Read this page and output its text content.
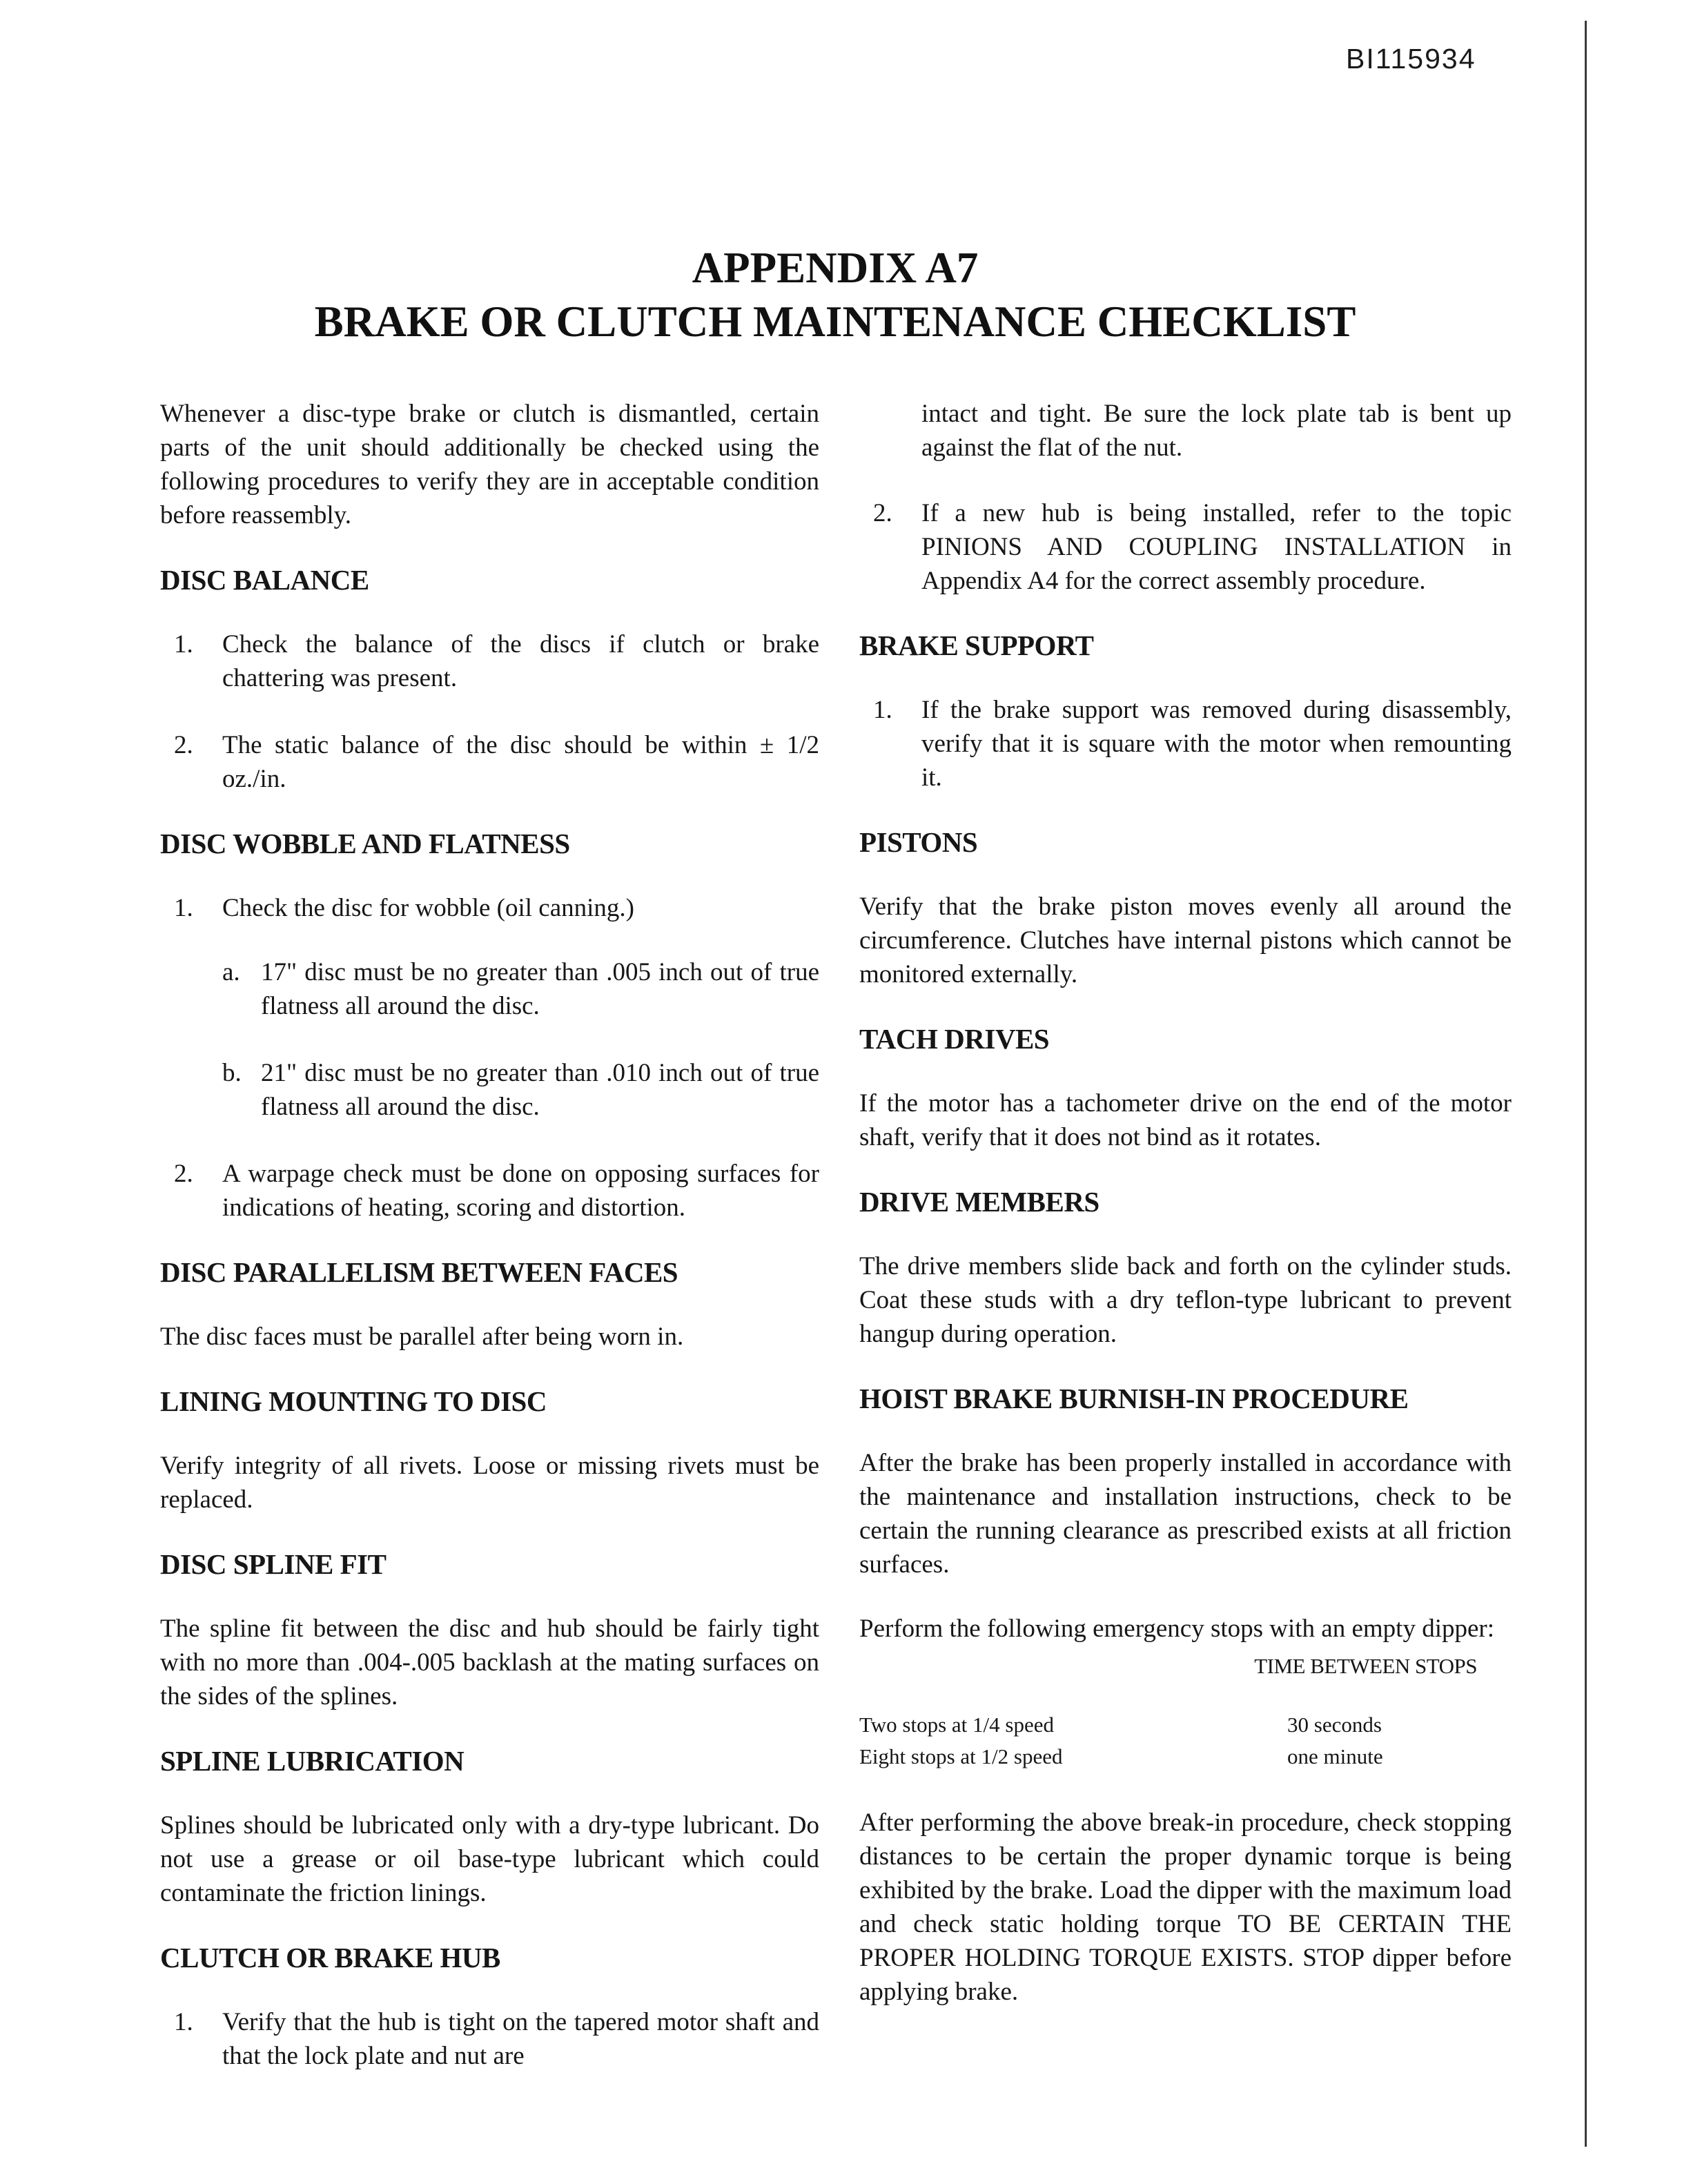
BI115934
APPENDIX A7
BRAKE OR CLUTCH MAINTENANCE CHECKLIST

Whenever a disc-type brake or clutch is dismantled, certain parts of the unit should additionally be checked using the following procedures to verify they are in acceptable condition before reassembly.

DISC BALANCE
1.	Check the balance of the discs if clutch or brake chattering was present.
2.	The static balance of the disc should be within ± 1/2 oz./in.
DISC WOBBLE AND FLATNESS
1.	Check the disc for wobble (oil canning.)
a. 17" disc must be no greater than .005 inch out of true flatness all around the disc.
b. 21" disc must be no greater than .010 inch out of true flatness all around the disc.
2.	A warpage check must be done on opposing surfaces for indications of heating, scoring and distortion.
DISC PARALLELISM BETWEEN FACES

The disc faces must be parallel after being worn in.

LINING MOUNTING TO DISC

Verify integrity of all rivets. Loose or missing rivets must be replaced.

DISC SPLINE FIT

The spline fit between the disc and hub should be fairly tight with no more than .004-.005 backlash at the mating surfaces on the sides of the splines.

SPLINE LUBRICATION

Splines should be lubricated only with a dry-type lubricant. Do not use a grease or oil base-type lubricant which could contaminate the friction linings.

CLUTCH OR BRAKE HUB
1.	Verify that the hub is tight on the tapered motor shaft and that the lock plate and nut are

intact and tight. Be sure the lock plate tab is bent up against the flat of the nut.

2.	If a new hub is being installed, refer to the topic PINIONS AND COUPLING INSTALLATION in Appendix A4 for the correct assembly procedure.
BRAKE SUPPORT
1.	If the brake support was removed during disassembly, verify that it is square with the motor when remounting it.
PISTONS

Verify that the brake piston moves evenly all around the circumference. Clutches have internal pistons which cannot be monitored externally.

TACH DRIVES

If the motor has a tachometer drive on the end of the motor shaft, verify that it does not bind as it rotates.

DRIVE MEMBERS

The drive members slide back and forth on the cylinder studs. Coat these studs with a dry teflon-type lubricant to prevent hangup during operation.

HOIST BRAKE BURNISH-IN PROCEDURE

After the brake has been properly installed in accordance with the maintenance and installation instructions, check to be certain the running clearance as prescribed exists at all friction surfaces.

Perform the following emergency stops with an empty dipper:

TIME BETWEEN STOPS
Two stops at 1/4 speed	30 seconds
Eight stops at 1/2 speed	one minute

After performing the above break-in procedure, check stopping distances to be certain the proper dynamic torque is being exhibited by the brake. Load the dipper with the maximum load and check static holding torque TO BE CERTAIN THE PROPER HOLDING TORQUE EXISTS. STOP dipper before applying brake.
